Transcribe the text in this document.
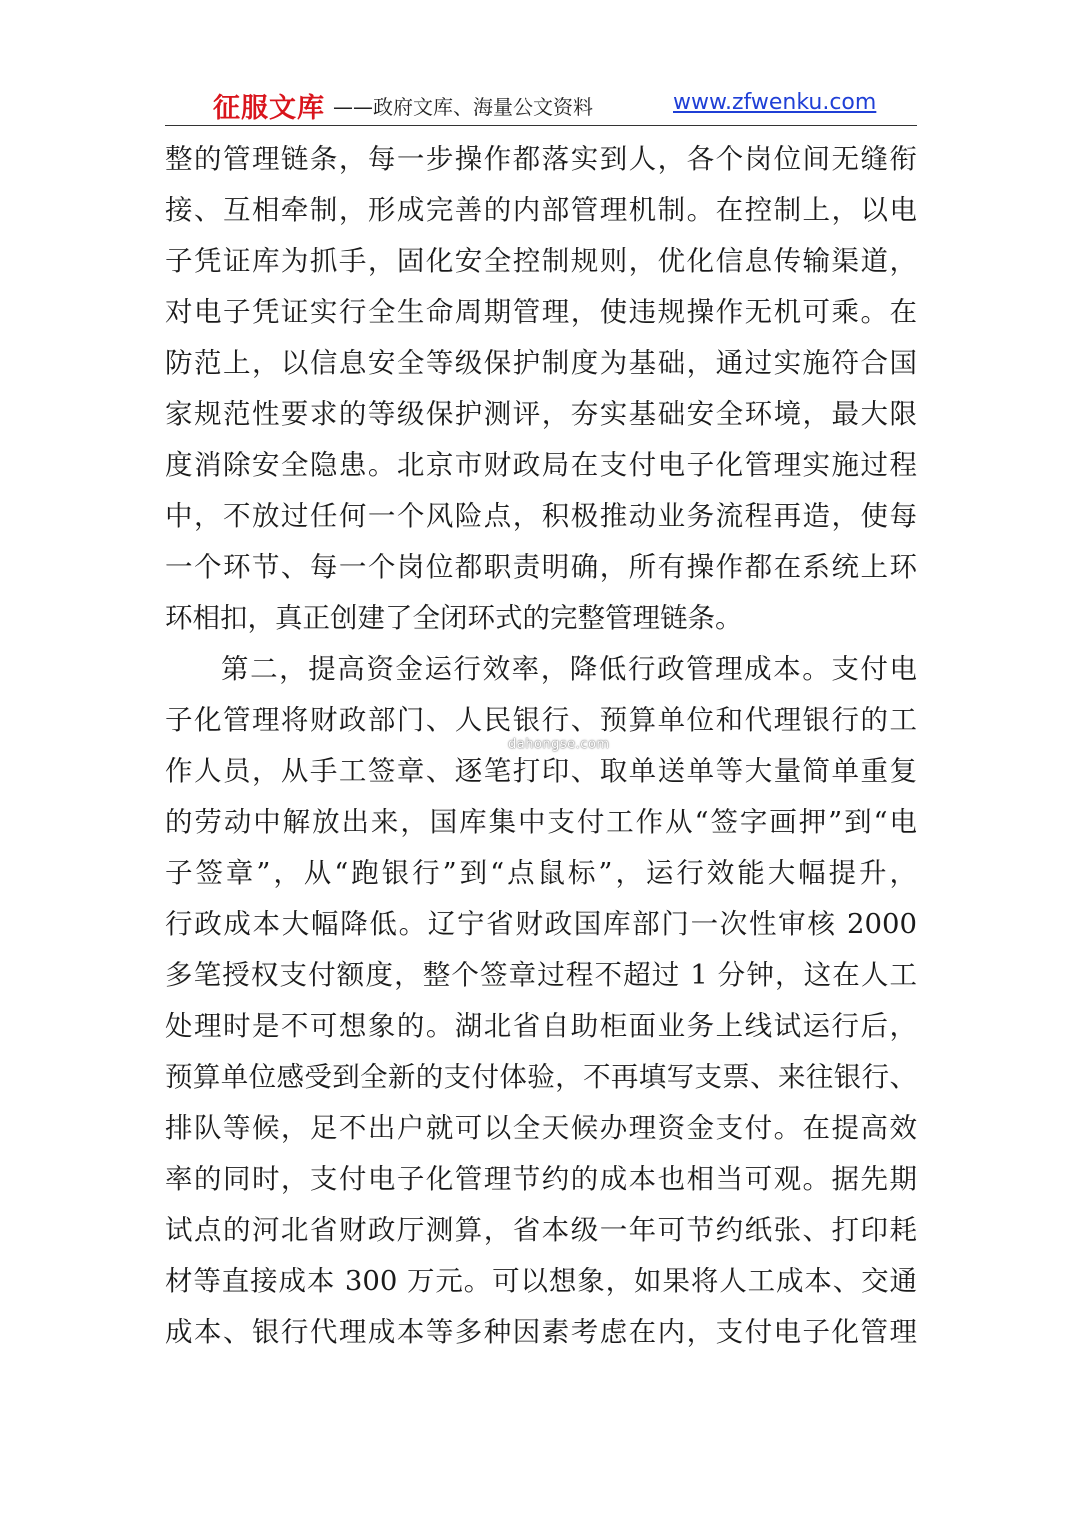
征服文库 ——政府文库、海量公文资料	www.zfwenku.com
整的管理链条，每一步操作都落实到人，各个岗位间无缝衔
接、互相牵制，形成完善的内部管理机制。在控制上，以电
子凭证库为抓手，固化安全控制规则，优化信息传输渠道，
对电子凭证实行全生命周期管理，使违规操作无机可乘。在
防范上，以信息安全等级保护制度为基础，通过实施符合国
家规范性要求的等级保护测评，夯实基础安全环境，最大限
度消除安全隐患。北京市财政局在支付电子化管理实施过程
中，不放过任何一个风险点，积极推动业务流程再造，使每
一个环节、每一个岗位都职责明确，所有操作都在系统上环
环相扣，真正创建了全闭环式的完整管理链条。
第二，提高资金运行效率，降低行政管理成本。支付电
子化管理将财政部门、人民银行、预算单位和代理银行的工
作人员，从手工签章、逐笔打印、取单送单等大量简单重复
的劳动中解放出来，国库集中支付工作从“签字画押”到“电
子签章”，从“跑银行”到“点鼠标”，运行效能大幅提升，
行政成本大幅降低。辽宁省财政国库部门一次性审核 2000
多笔授权支付额度，整个签章过程不超过 1 分钟，这在人工
处理时是不可想象的。湖北省自助柜面业务上线试运行后，
预算单位感受到全新的支付体验，不再填写支票、来往银行、
排队等候，足不出户就可以全天候办理资金支付。在提高效
率的同时，支付电子化管理节约的成本也相当可观。据先期
试点的河北省财政厅测算，省本级一年可节约纸张、打印耗
材等直接成本 300 万元。可以想象，如果将人工成本、交通
成本、银行代理成本等多种因素考虑在内，支付电子化管理
dahongse.com
